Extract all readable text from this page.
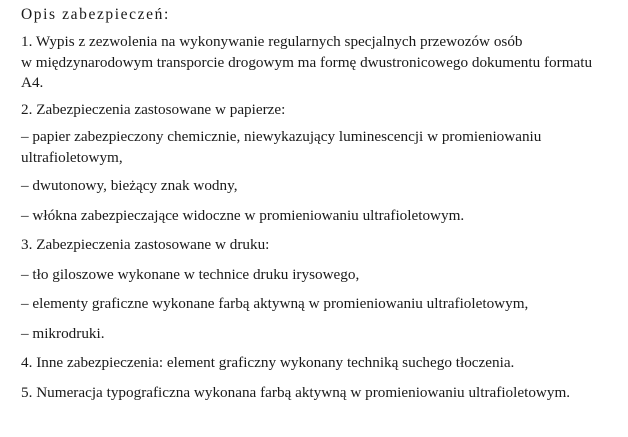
Opis zabezpieczeń:
1. Wypis z zezwolenia na wykonywanie regularnych specjalnych przewozów osób
w międzynarodowym transporcie drogowym ma formę dwustronicowego dokumentu formatu
A4.
2. Zabezpieczenia zastosowane w papierze:
– papier zabezpieczony chemicznie, niewykazujący luminescencji w promieniowaniu
ultrafioletowym,
– dwutonowy, bieżący znak wodny,
– włókna zabezpieczające widoczne w promieniowaniu ultrafioletowym.
3. Zabezpieczenia zastosowane w druku:
– tło giloszowe wykonane w technice druku irysowego,
– elementy graficzne wykonane farbą aktywną w promieniowaniu ultrafioletowym,
– mikrodruki.
4. Inne zabezpieczenia: element graficzny wykonany techniką suchego tłoczenia.
5. Numeracja typograficzna wykonana farbą aktywną w promieniowaniu ultrafioletowym.
